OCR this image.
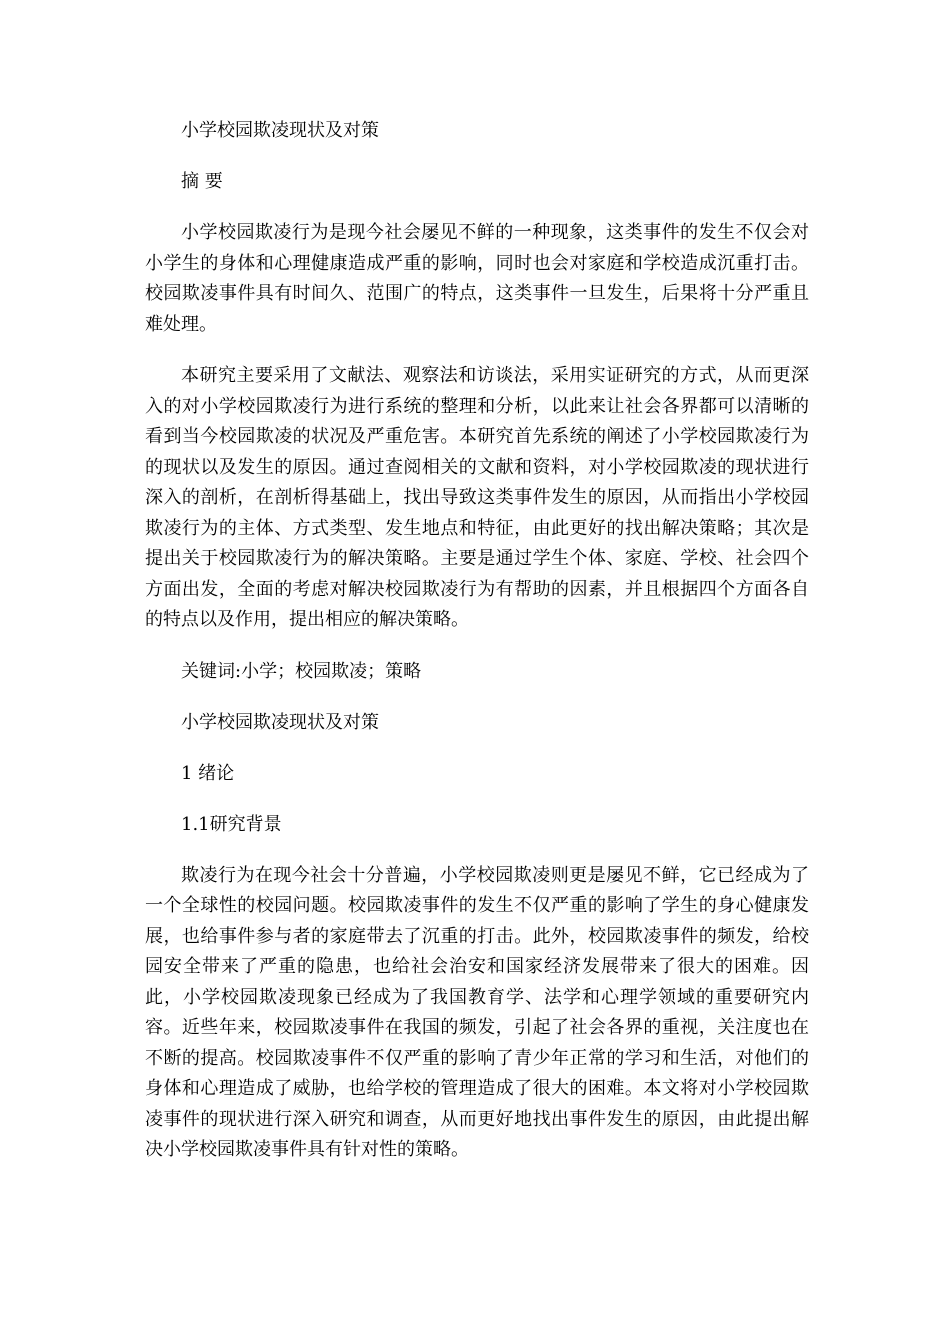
小学校园欺凌现状及对策

摘 要

小学校园欺凌行为是现今社会屡见不鲜的一种现象，这类事件的发生不仅会对小学生的身体和心理健康造成严重的影响，同时也会对家庭和学校造成沉重打击。校园欺凌事件具有时间久、范围广的特点，这类事件一旦发生，后果将十分严重且难处理。

本研究主要采用了文献法、观察法和访谈法，采用实证研究的方式，从而更深入的对小学校园欺凌行为进行系统的整理和分析，以此来让社会各界都可以清晰的看到当今校园欺凌的状况及严重危害。本研究首先系统的阐述了小学校园欺凌行为的现状以及发生的原因。通过查阅相关的文献和资料，对小学校园欺凌的现状进行深入的剖析，在剖析得基础上，找出导致这类事件发生的原因，从而指出小学校园欺凌行为的主体、方式类型、发生地点和特征，由此更好的找出解决策略；其次是提出关于校园欺凌行为的解决策略。主要是通过学生个体、家庭、学校、社会四个方面出发，全面的考虑对解决校园欺凌行为有帮助的因素，并且根据四个方面各自的特点以及作用，提出相应的解决策略。

关键词:小学；校园欺凌；策略

小学校园欺凌现状及对策

1 绪论

1.1研究背景

欺凌行为在现今社会十分普遍，小学校园欺凌则更是屡见不鲜，它已经成为了一个全球性的校园问题。校园欺凌事件的发生不仅严重的影响了学生的身心健康发展，也给事件参与者的家庭带去了沉重的打击。此外，校园欺凌事件的频发，给校园安全带来了严重的隐患，也给社会治安和国家经济发展带来了很大的困难。因此，小学校园欺凌现象已经成为了我国教育学、法学和心理学领域的重要研究内容。近些年来，校园欺凌事件在我国的频发，引起了社会各界的重视，关注度也在不断的提高。校园欺凌事件不仅严重的影响了青少年正常的学习和生活，对他们的身体和心理造成了威胁，也给学校的管理造成了很大的困难。本文将对小学校园欺凌事件的现状进行深入研究和调查，从而更好地找出事件发生的原因，由此提出解决小学校园欺凌事件具有针对性的策略。
